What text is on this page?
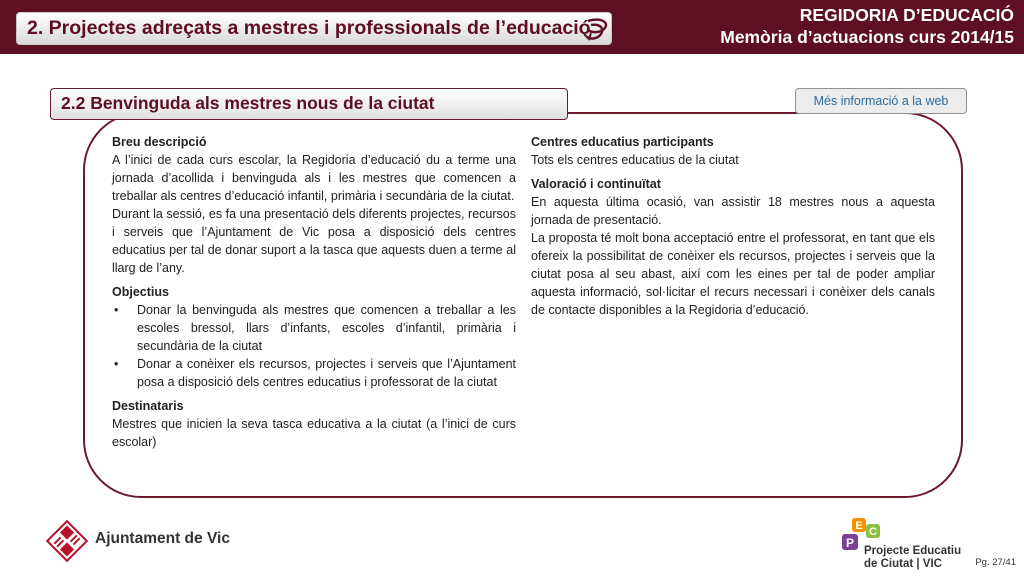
2. Projectes adreçats a mestres i professionals de l’educació
REGIDORIA D’EDUCACIÓ
Memòria d’actuacions curs 2014/15
2.2 Benvinguda als mestres nous de la ciutat	Més informació a la web
Breu descripció
A l’inici de cada curs escolar, la Regidoria d’educació du a terme una jornada d’acollida i benvinguda als i les mestres que comencen a treballar als centres d’educació infantil, primària i secundària de la ciutat.
Durant la sessió, es fa una presentació dels diferents projectes, recursos i serveis que l’Ajuntament de Vic posa a disposició dels centres educatius per tal de donar suport a la tasca que aquests duen a terme al llarg de l’any.
Objectius
• Donar la benvinguda als mestres que comencen a treballar a les escoles bressol, llars d’infants, escoles d’infantil, primària i secundària de la ciutat
• Donar a conèixer els recursos, projectes i serveis que l’Ajuntament posa a disposició dels centres educatius i professorat de la ciutat
Destinataris
Mestres que inicien la seva tasca educativa a la ciutat (a l’inici de curs escolar)
Centres educatius participants
Tots els centres educatius de la ciutat
Valoració i continuïtat
En aquesta última ocasió, van assistir 18 mestres nous a aquesta jornada de presentació.
La proposta té molt bona acceptació entre el professorat, en tant que els ofereix la possibilitat de conèixer els recursos, projectes i serveis que la ciutat posa al seu abast, així com les eines per tal de poder ampliar aquesta informació, sol·licitar el recurs necessari i conèixer dels canals de contacte disponibles a la Regidoria d’educació.
Ajuntament de Vic
E C
P
Projecte Educatiu
de Ciutat | VIC	Pg. 27/41
